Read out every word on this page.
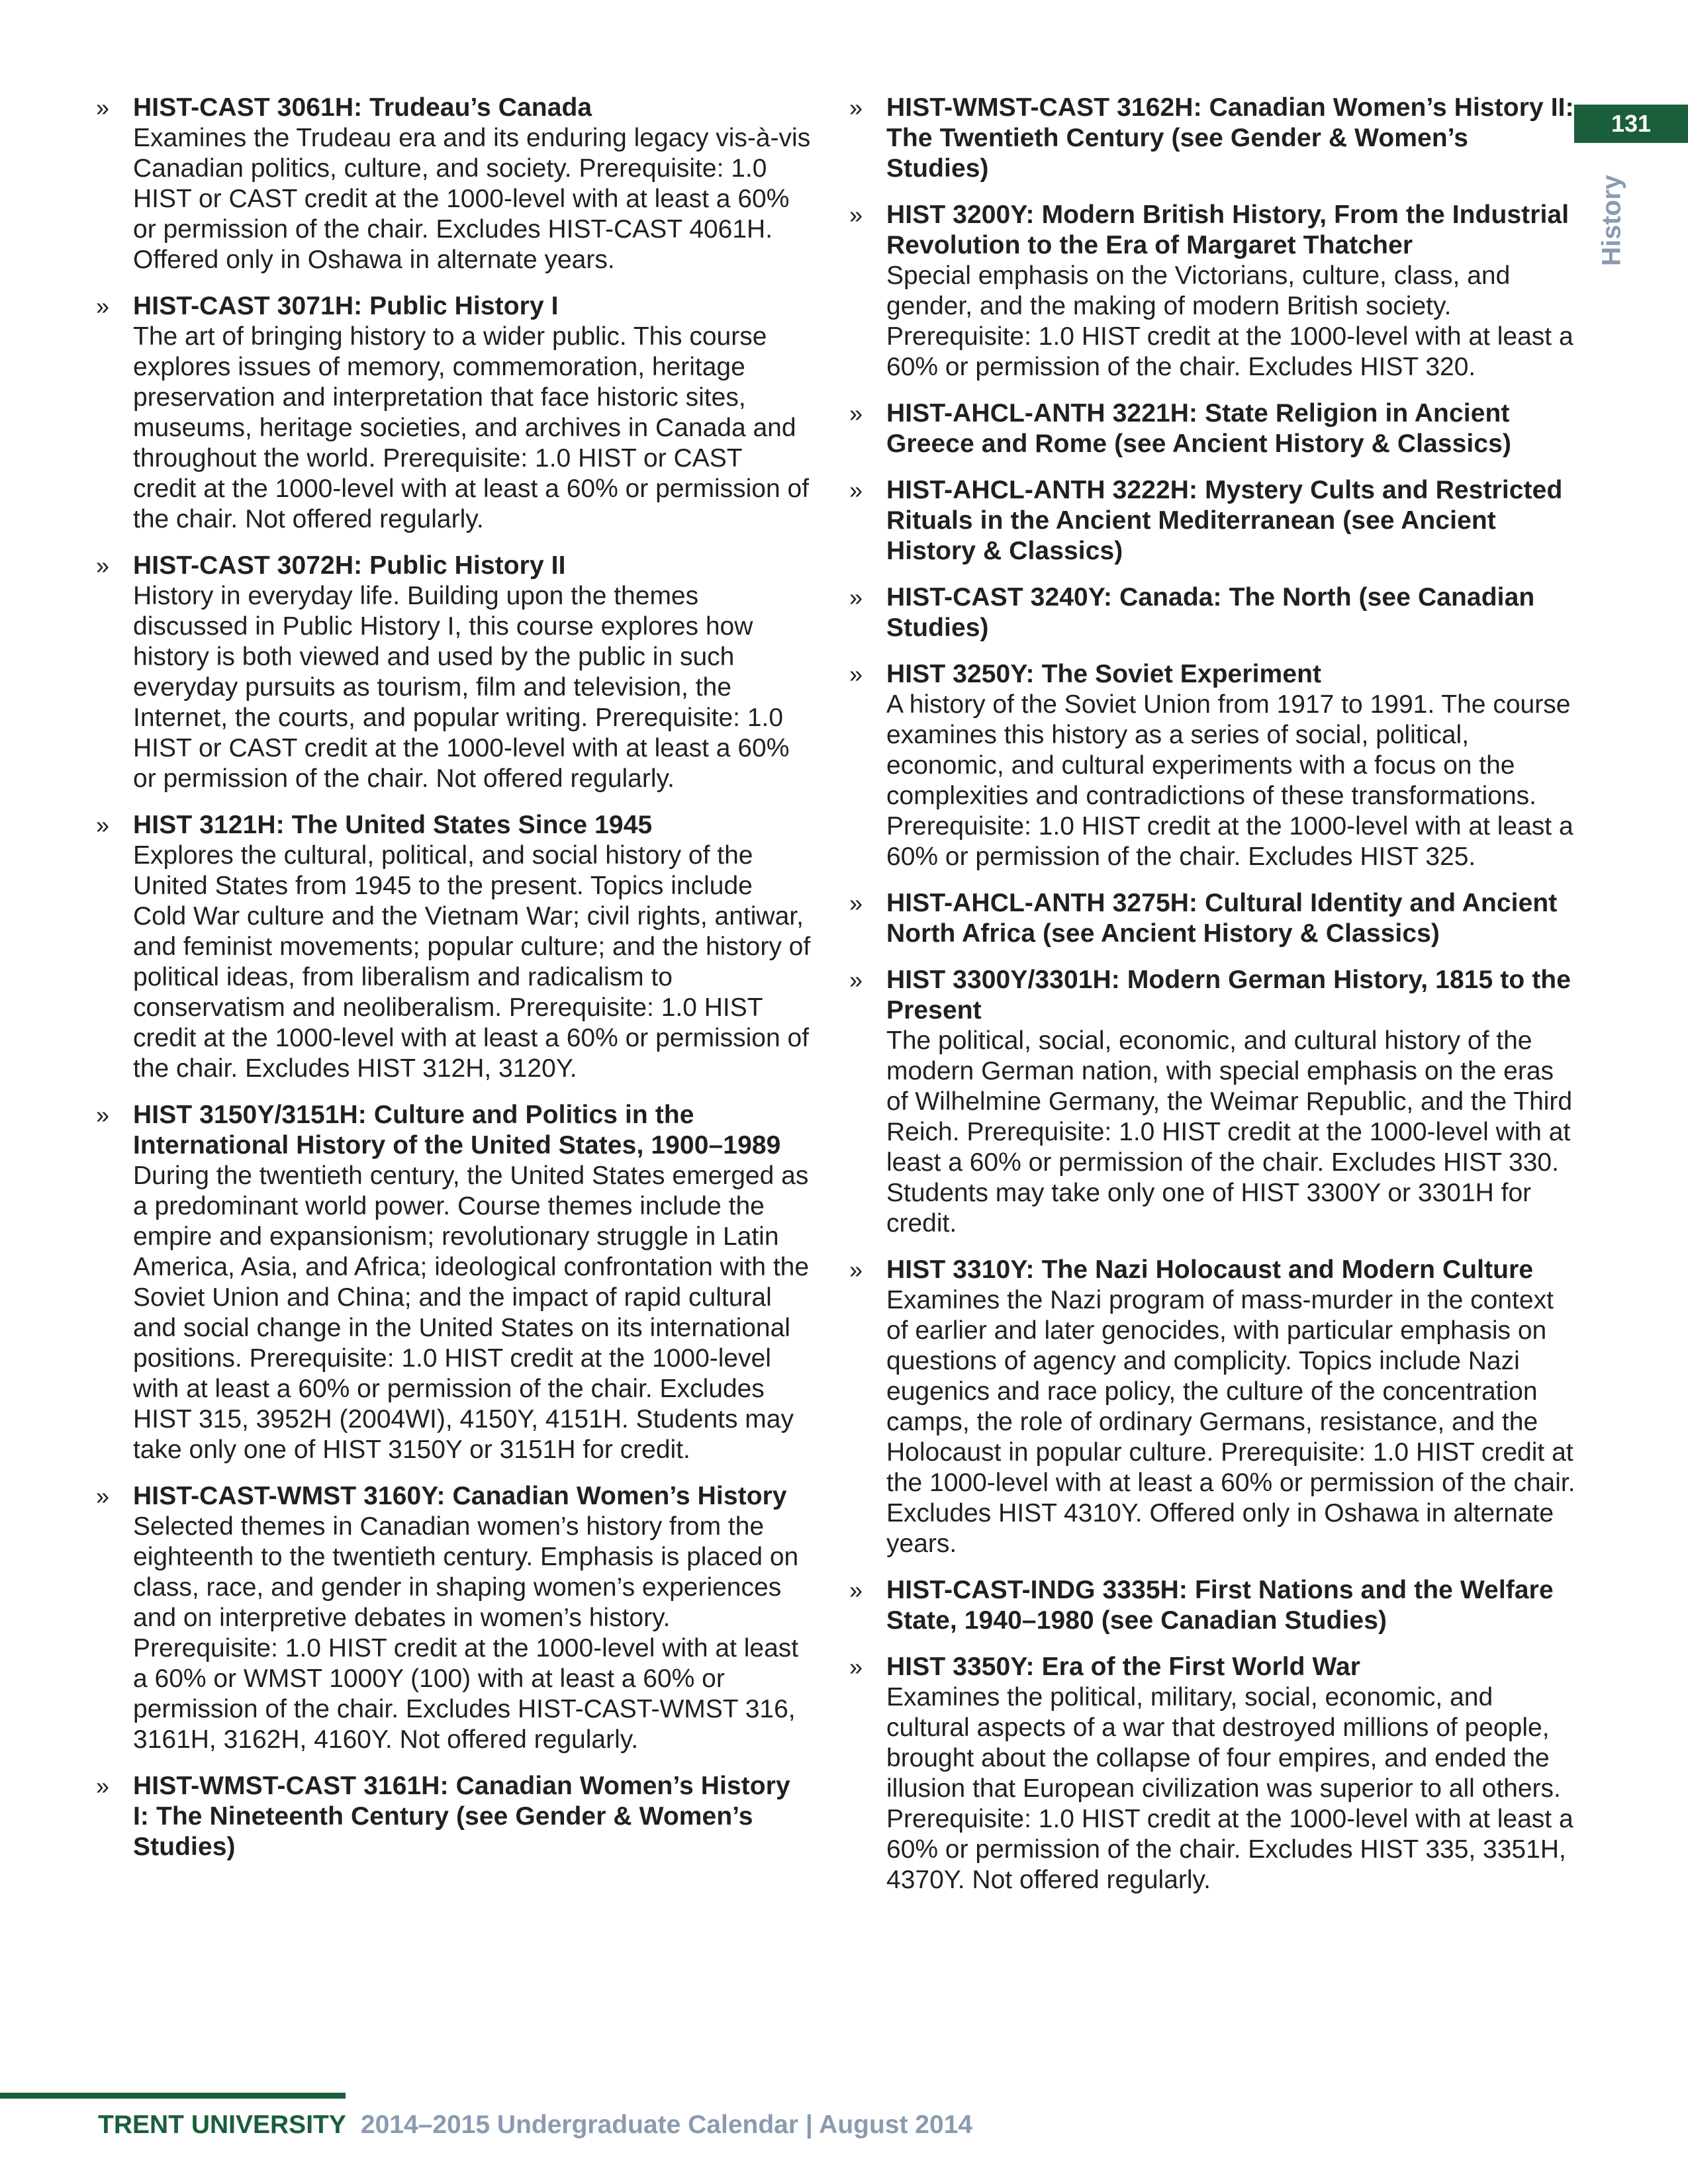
» HIST-CAST 3061H: Trudeau’s Canada
Examines the Trudeau era and its enduring legacy vis-à-vis Canadian politics, culture, and society. Prerequisite: 1.0 HIST or CAST credit at the 1000-level with at least a 60% or permission of the chair. Excludes HIST-CAST 4061H. Offered only in Oshawa in alternate years.
» HIST-CAST 3071H: Public History I
The art of bringing history to a wider public. This course explores issues of memory, commemoration, heritage preservation and interpretation that face historic sites, museums, heritage societies, and archives in Canada and throughout the world. Prerequisite: 1.0 HIST or CAST credit at the 1000-level with at least a 60% or permission of the chair. Not offered regularly.
» HIST-CAST 3072H: Public History II
History in everyday life. Building upon the themes discussed in Public History I, this course explores how history is both viewed and used by the public in such everyday pursuits as tourism, film and television, the Internet, the courts, and popular writing. Prerequisite: 1.0 HIST or CAST credit at the 1000-level with at least a 60% or permission of the chair. Not offered regularly.
» HIST 3121H: The United States Since 1945
Explores the cultural, political, and social history of the United States from 1945 to the present. Topics include Cold War culture and the Vietnam War; civil rights, antiwar, and feminist movements; popular culture; and the history of political ideas, from liberalism and radicalism to conservatism and neoliberalism. Prerequisite: 1.0 HIST credit at the 1000-level with at least a 60% or permission of the chair. Excludes HIST 312H, 3120Y.
» HIST 3150Y/3151H: Culture and Politics in the International History of the United States, 1900–1989
During the twentieth century, the United States emerged as a predominant world power. Course themes include the empire and expansionism; revolutionary struggle in Latin America, Asia, and Africa; ideological confrontation with the Soviet Union and China; and the impact of rapid cultural and social change in the United States on its international positions. Prerequisite: 1.0 HIST credit at the 1000-level with at least a 60% or permission of the chair. Excludes HIST 315, 3952H (2004WI), 4150Y, 4151H. Students may take only one of HIST 3150Y or 3151H for credit.
» HIST-CAST-WMST 3160Y: Canadian Women’s History
Selected themes in Canadian women’s history from the eighteenth to the twentieth century. Emphasis is placed on class, race, and gender in shaping women’s experiences and on interpretive debates in women’s history. Prerequisite: 1.0 HIST credit at the 1000-level with at least a 60% or WMST 1000Y (100) with at least a 60% or permission of the chair. Excludes HIST-CAST-WMST 316, 3161H, 3162H, 4160Y. Not offered regularly.
» HIST-WMST-CAST 3161H: Canadian Women’s History I: The Nineteenth Century (see Gender & Women’s Studies)
» HIST-WMST-CAST 3162H: Canadian Women’s History II: The Twentieth Century (see Gender & Women’s Studies)
» HIST 3200Y: Modern British History, From the Industrial Revolution to the Era of Margaret Thatcher
Special emphasis on the Victorians, culture, class, and gender, and the making of modern British society. Prerequisite: 1.0 HIST credit at the 1000-level with at least a 60% or permission of the chair. Excludes HIST 320.
» HIST-AHCL-ANTH 3221H: State Religion in Ancient Greece and Rome (see Ancient History & Classics)
» HIST-AHCL-ANTH 3222H: Mystery Cults and Restricted Rituals in the Ancient Mediterranean (see Ancient History & Classics)
» HIST-CAST 3240Y: Canada: The North (see Canadian Studies)
» HIST 3250Y: The Soviet Experiment
A history of the Soviet Union from 1917 to 1991. The course examines this history as a series of social, political, economic, and cultural experiments with a focus on the complexities and contradictions of these transformations. Prerequisite: 1.0 HIST credit at the 1000-level with at least a 60% or permission of the chair. Excludes HIST 325.
» HIST-AHCL-ANTH 3275H: Cultural Identity and Ancient North Africa (see Ancient History & Classics)
» HIST 3300Y/3301H: Modern German History, 1815 to the Present
The political, social, economic, and cultural history of the modern German nation, with special emphasis on the eras of Wilhelmine Germany, the Weimar Republic, and the Third Reich. Prerequisite: 1.0 HIST credit at the 1000-level with at least a 60% or permission of the chair. Excludes HIST 330. Students may take only one of HIST 3300Y or 3301H for credit.
» HIST 3310Y: The Nazi Holocaust and Modern Culture
Examines the Nazi program of mass-murder in the context of earlier and later genocides, with particular emphasis on questions of agency and complicity. Topics include Nazi eugenics and race policy, the culture of the concentration camps, the role of ordinary Germans, resistance, and the Holocaust in popular culture. Prerequisite: 1.0 HIST credit at the 1000-level with at least a 60% or permission of the chair. Excludes HIST 4310Y. Offered only in Oshawa in alternate years.
» HIST-CAST-INDG 3335H: First Nations and the Welfare State, 1940–1980 (see Canadian Studies)
» HIST 3350Y: Era of the First World War
Examines the political, military, social, economic, and cultural aspects of a war that destroyed millions of people, brought about the collapse of four empires, and ended the illusion that European civilization was superior to all others. Prerequisite: 1.0 HIST credit at the 1000-level with at least a 60% or permission of the chair. Excludes HIST 335, 3351H, 4370Y. Not offered regularly.
131
History
TRENT UNIVERSITY 2014–2015 Undergraduate Calendar | August 2014
